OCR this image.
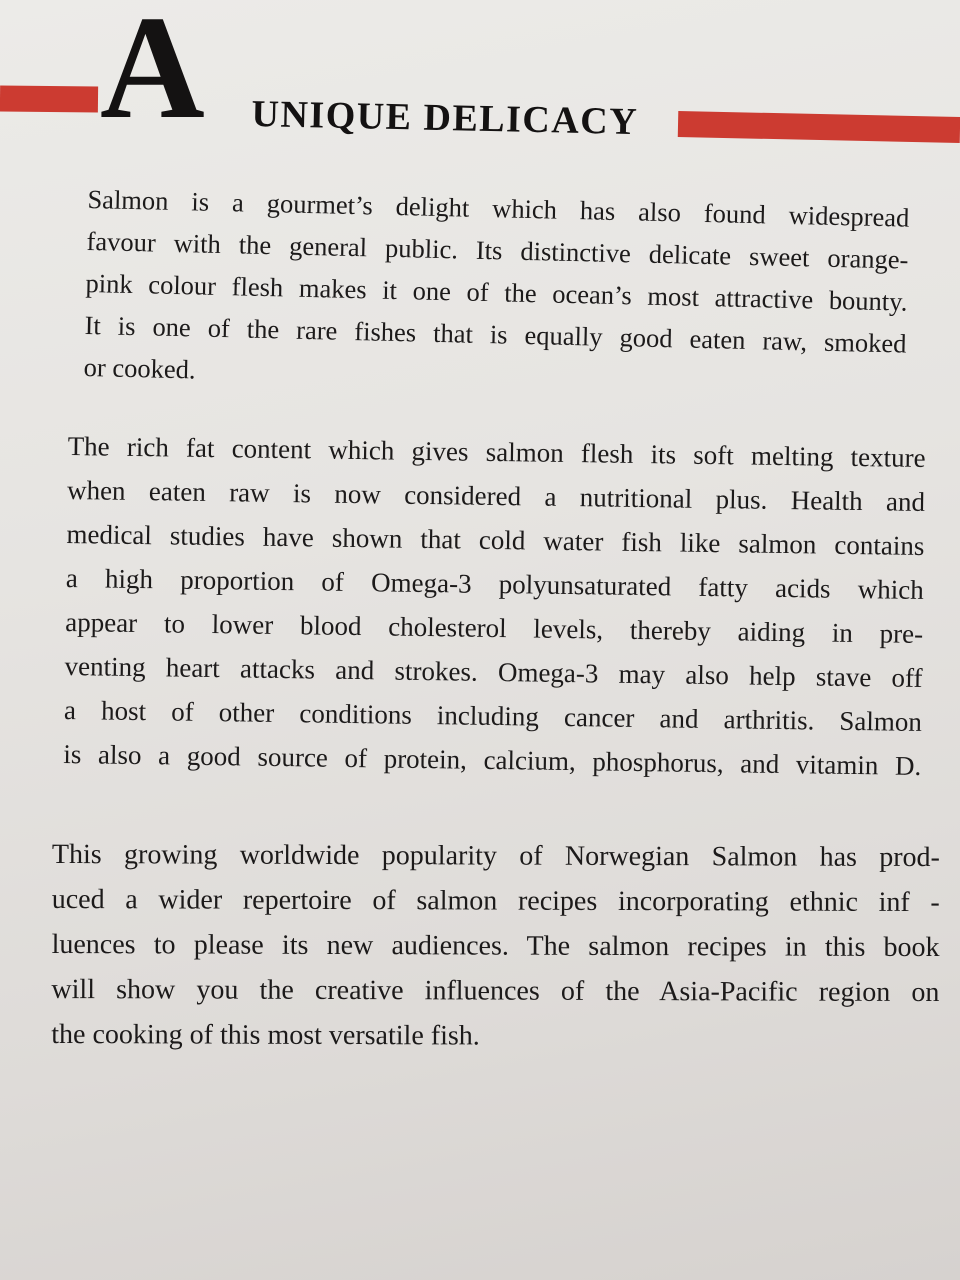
A UNIQUE DELICACY

Salmon is a gourmet’s delight which has also found widespread
favour with the general public. Its distinctive delicate sweet orange-
pink colour flesh makes it one of the ocean’s most attractive bounty.
It is one of the rare fishes that is equally good eaten raw, smoked
or cooked.

The rich fat content which gives salmon flesh its soft melting texture
when eaten raw is now considered a nutritional plus. Health and
medical studies have shown that cold water fish like salmon contains
a high proportion of Omega-3 polyunsaturated fatty acids which
appear to lower blood cholesterol levels, thereby aiding in pre-
venting heart attacks and strokes. Omega-3 may also help stave off
a host of other conditions including cancer and arthritis. Salmon
is also a good source of protein, calcium, phosphorus, and vitamin D.

This growing worldwide popularity of Norwegian Salmon has prod-
uced a wider repertoire of salmon recipes incorporating ethnic inf -
luences to please its new audiences. The salmon recipes in this book
will show you the creative influences of the Asia-Pacific region on
the cooking of this most versatile fish.
